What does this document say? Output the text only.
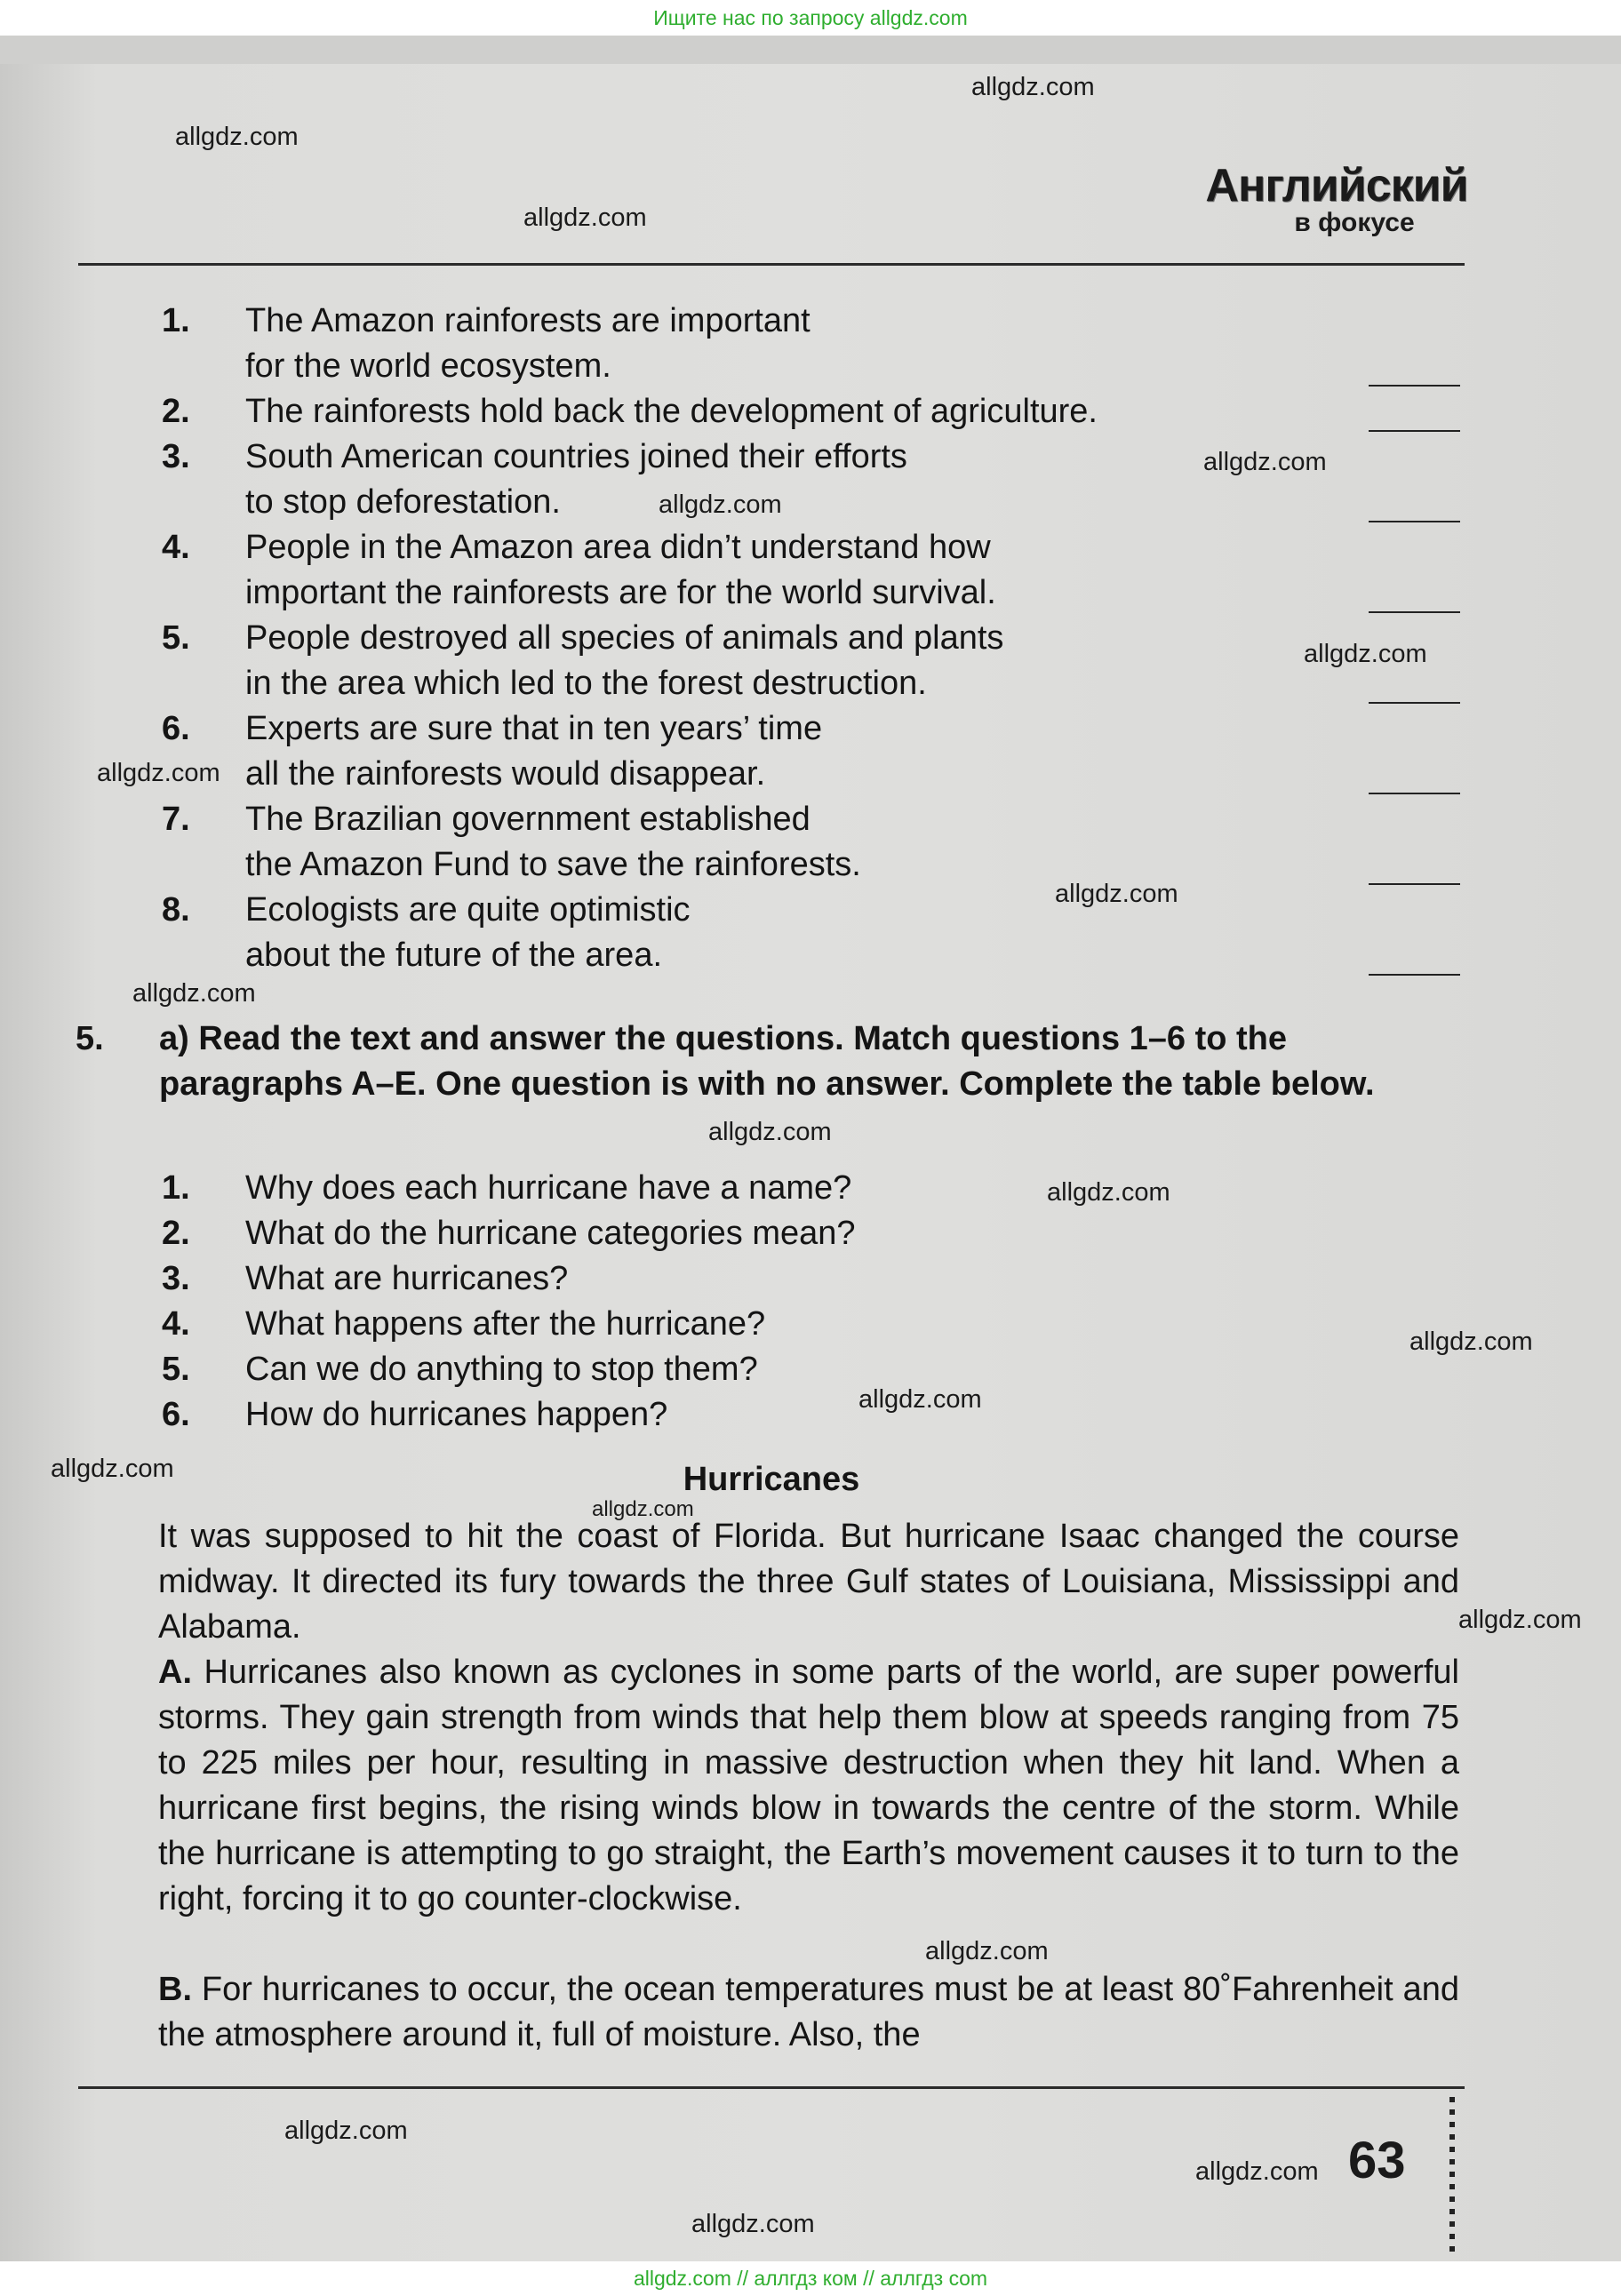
Ищите нас по запросу allgdz.com
allgdz.com
allgdz.com
allgdz.com
allgdz.com
allgdz.com
allgdz.com
allgdz.com
allgdz.com
allgdz.com
allgdz.com
allgdz.com
allgdz.com
allgdz.com
allgdz.com
allgdz.com
allgdz.com
allgdz.com
allgdz.com
allgdz.com
allgdz.com
Английский
в фокусе
1.	The Amazon rainforests are important
for the world ecosystem.
2.	The rainforests hold back the development of agriculture.
3.	South American countries joined their efforts
to stop deforestation.
4.	People in the Amazon area didn’t understand how
important the rainforests are for the world survival.
5.	People destroyed all species of animals and plants
in the area which led to the forest destruction.
6.	Experts are sure that in ten years’ time
all the rainforests would disappear.
7.	The Brazilian government established
the Amazon Fund to save the rainforests.
8.	Ecologists are quite optimistic
about the future of the area.
5. a) Read the text and answer the questions. Match questions 1–6 to the paragraphs A–E. One question is with no answer. Complete the table below.
1.	Why does each hurricane have a name?
2.	What do the hurricane categories mean?
3.	What are hurricanes?
4.	What happens after the hurricane?
5.	Can we do anything to stop them?
6.	How do hurricanes happen?
Hurricanes
It was supposed to hit the coast of Florida. But hurricane Isaac changed the course midway. It directed its fury towards the three Gulf states of Louisiana, Mississippi and Alabama.
A. Hurricanes also known as cyclones in some parts of the world, are super powerful storms. They gain strength from winds that help them blow at speeds ranging from 75 to 225 miles per hour, resulting in massive destruction when they hit land. When a hurricane first begins, the rising winds blow in towards the centre of the storm. While the hurricane is attempting to go straight, the Earth’s movement causes it to turn to the right, forcing it to go counter-clockwise.
B. For hurricanes to occur, the ocean temperatures must be at least 80˚Fahrenheit and the atmosphere around it, full of moisture. Also, the
63
allgdz.com // аллгдз ком // аллгдз com
